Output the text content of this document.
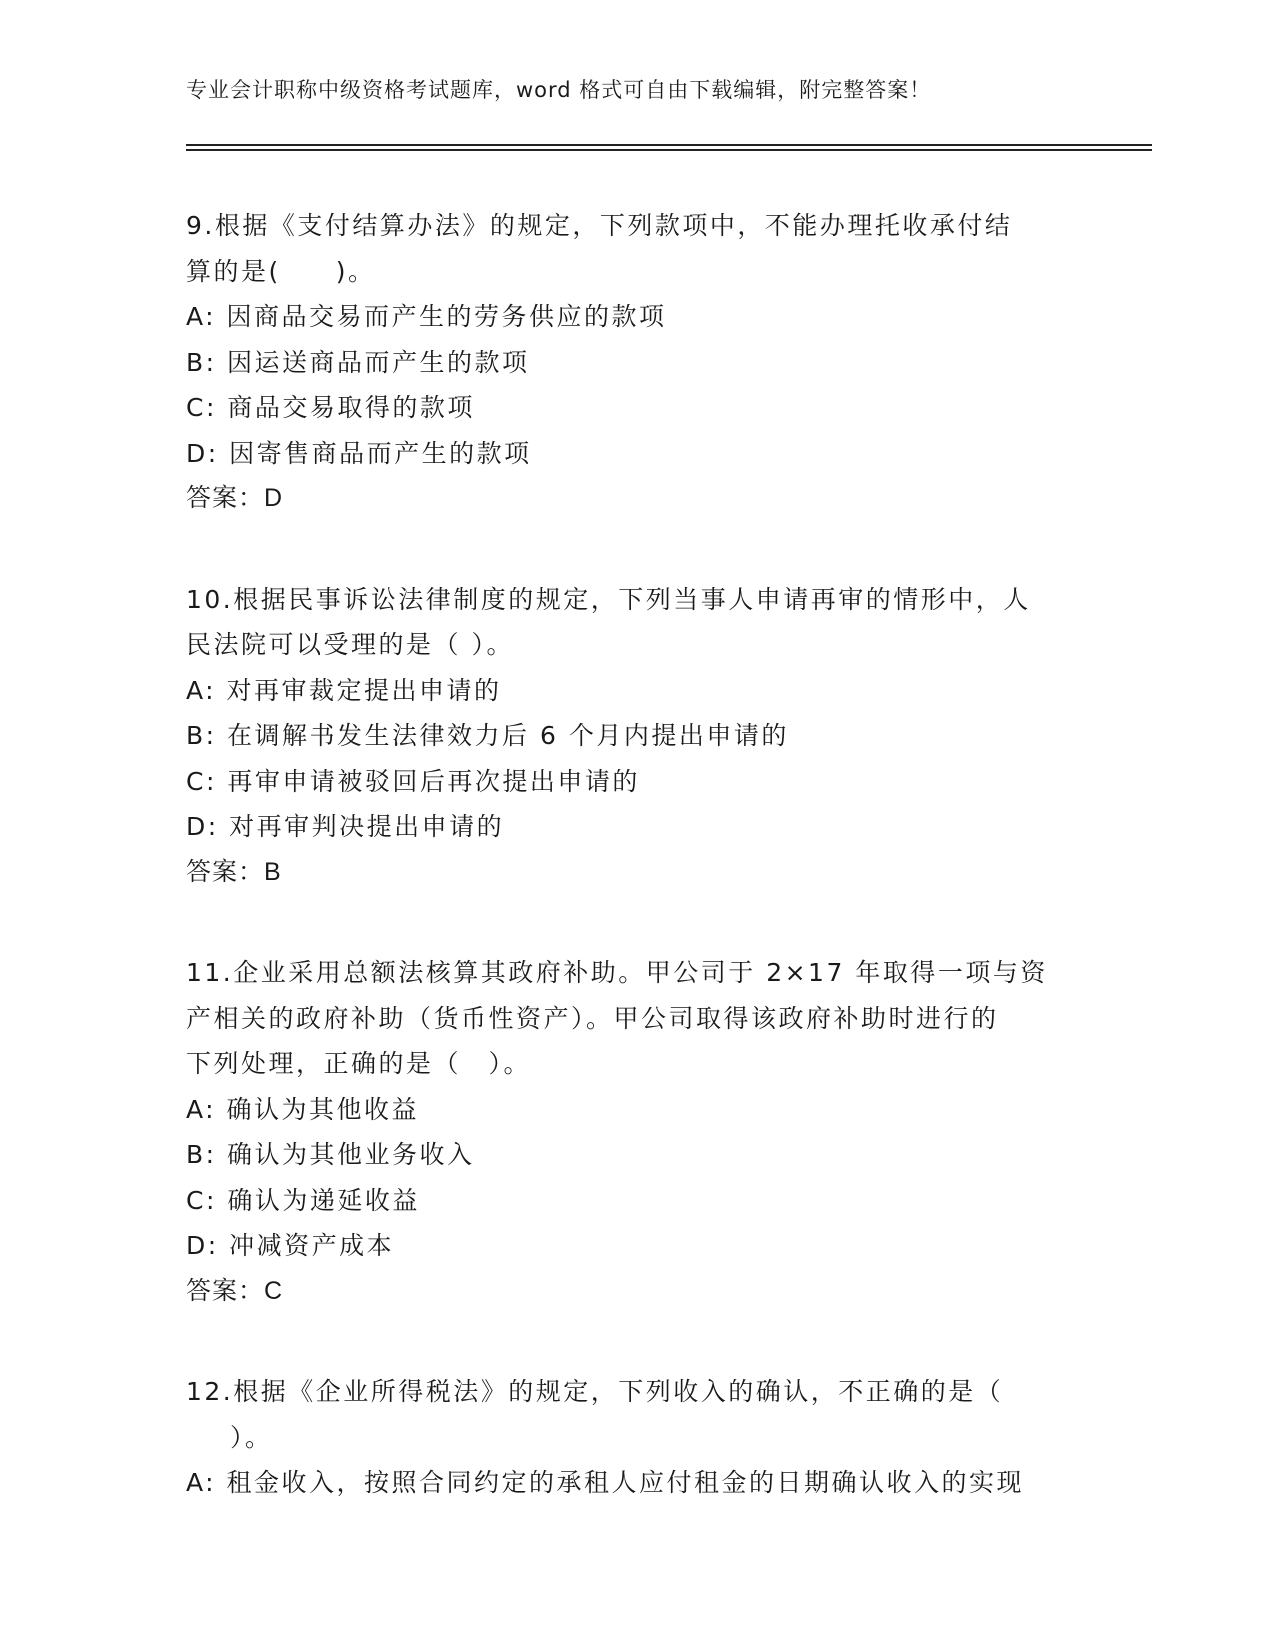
专业会计职称中级资格考试题库，word 格式可自由下载编辑，附完整答案！
9.根据《支付结算办法》的规定，下列款项中，不能办理托收承付结
算的是(　　)。
A: 因商品交易而产生的劳务供应的款项
B: 因运送商品而产生的款项
C: 商品交易取得的款项
D: 因寄售商品而产生的款项
答案：D
10.根据民事诉讼法律制度的规定，下列当事人申请再审的情形中，人
民法院可以受理的是（ ）。
A: 对再审裁定提出申请的
B: 在调解书发生法律效力后 6 个月内提出申请的
C: 再审申请被驳回后再次提出申请的
D: 对再审判决提出申请的
答案：B
11.企业采用总额法核算其政府补助。甲公司于 2×17 年取得一项与资
产相关的政府补助（货币性资产）。甲公司取得该政府补助时进行的
下列处理，正确的是（　）。
A: 确认为其他收益
B: 确认为其他业务收入
C: 确认为递延收益
D: 冲减资产成本
答案：C
12.根据《企业所得税法》的规定，下列收入的确认，不正确的是（
）。
A: 租金收入，按照合同约定的承租人应付租金的日期确认收入的实现
